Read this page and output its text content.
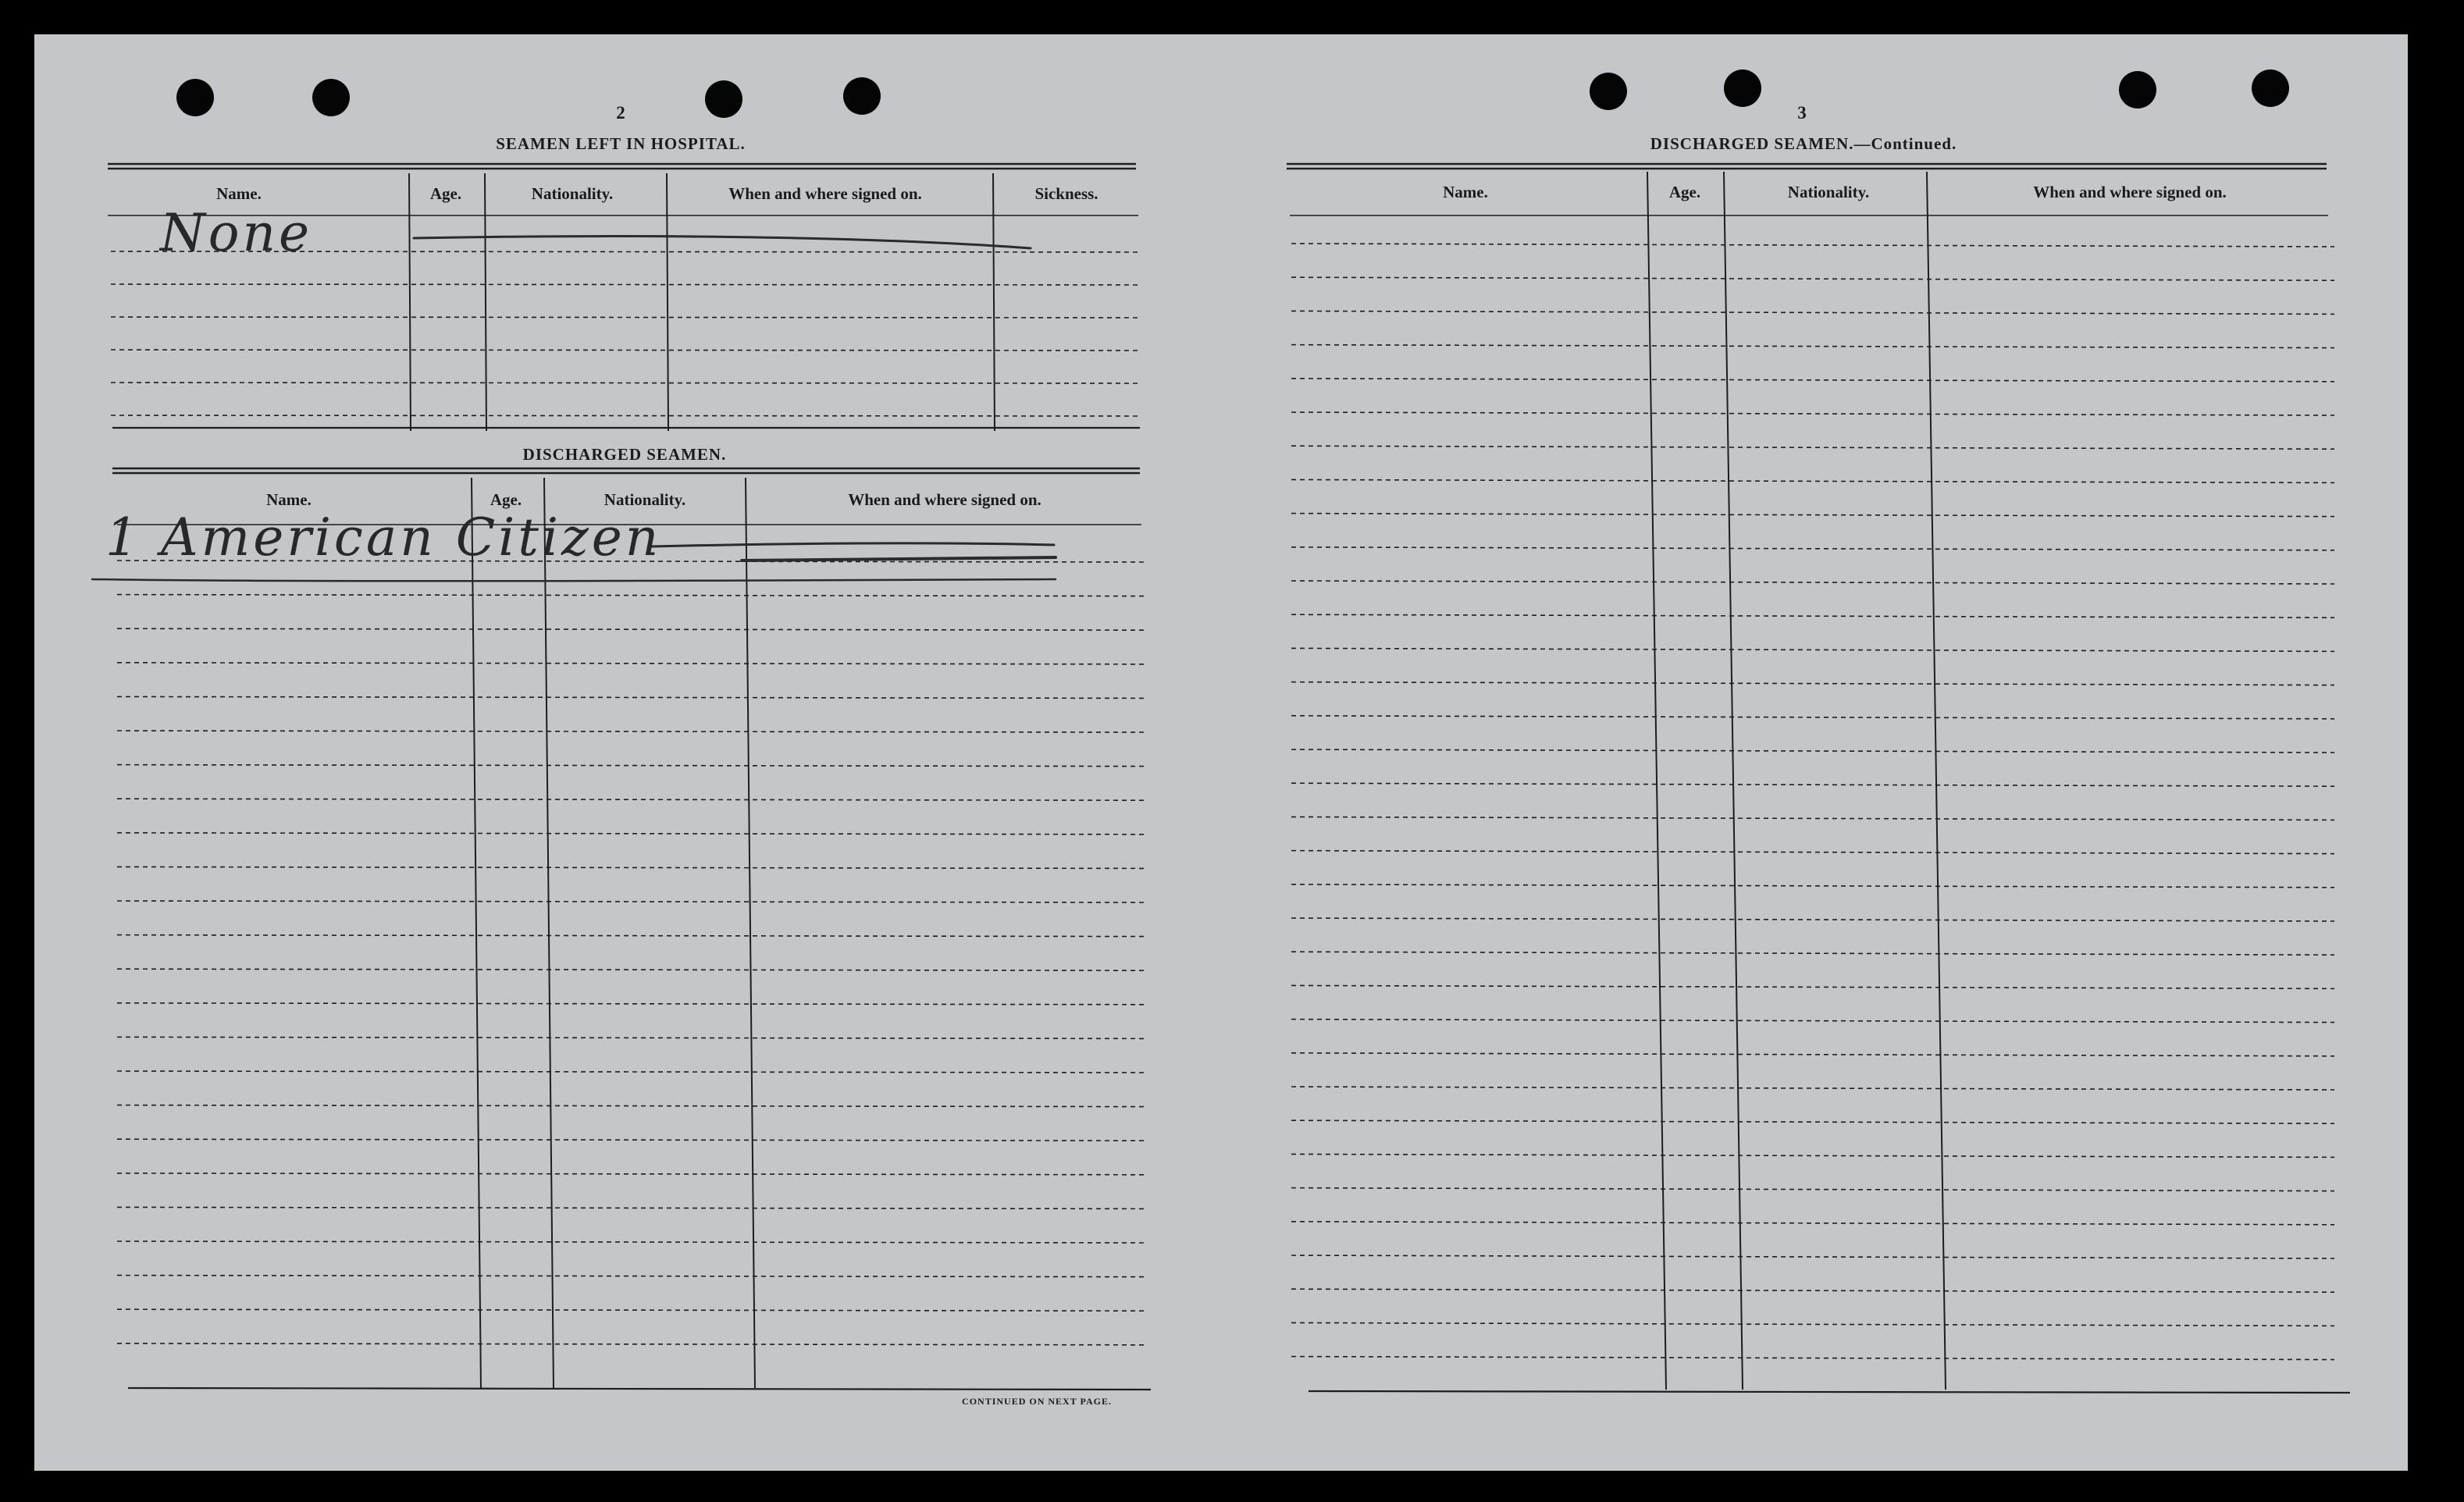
2
SEAMEN LEFT IN HOSPITAL.
Name.	Age.	Nationality.	When and where signed on.	Sickness.
None
DISCHARGED SEAMEN.
Name.	Age.	Nationality.	When and where signed on.
1 American Citizen
CONTINUED ON NEXT PAGE.
3
DISCHARGED SEAMEN.—Continued.
Name.	Age.	Nationality.	When and where signed on.
